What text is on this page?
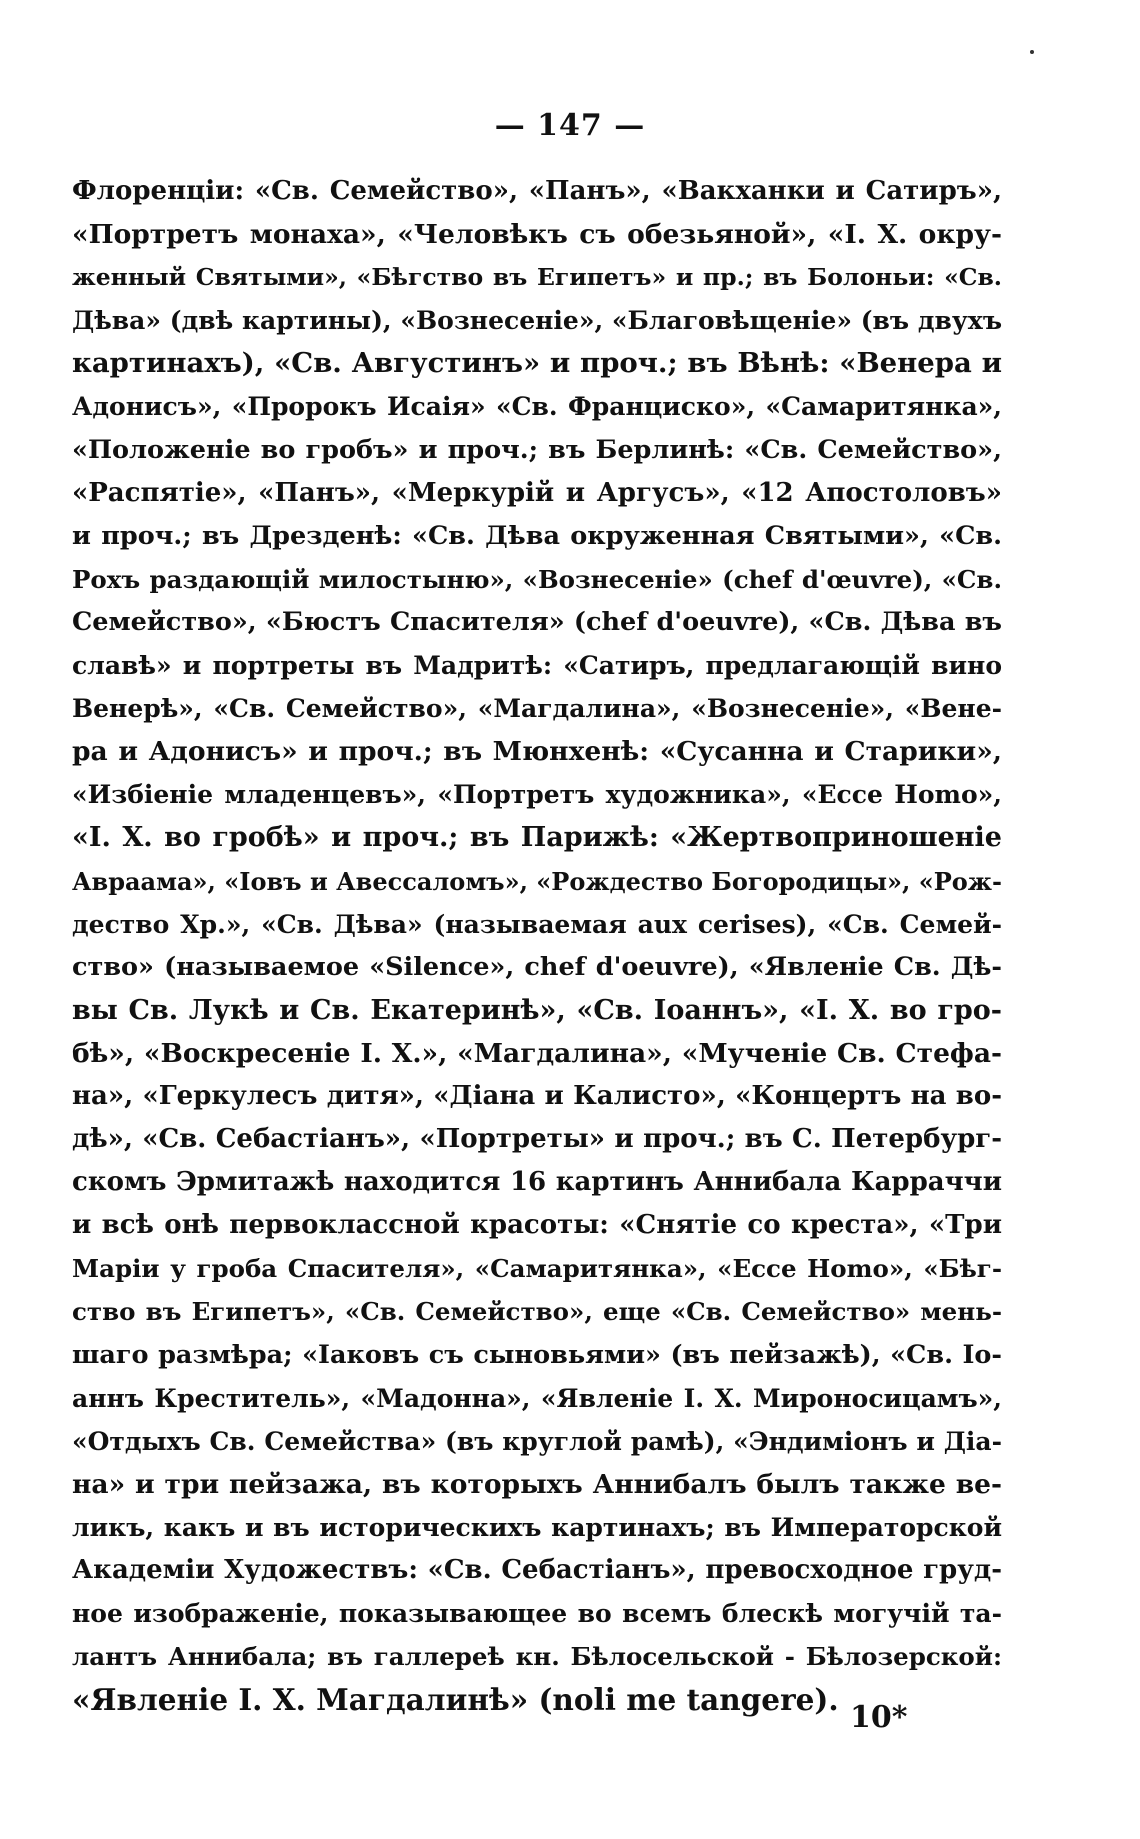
— 147 —
Флоренціи: «Св. Семейство», «Панъ», «Вакханки и Сатиръ»,
«Портретъ монаха», «Человѣкъ съ обезьяной», «I. X. окру-
женный Святыми», «Бѣгство въ Египетъ» и пр.; въ Болоньи: «Св.
Дѣва» (двѣ картины), «Вознесеніе», «Благовѣщеніе» (въ двухъ
картинахъ), «Св. Августинъ» и проч.; въ Вѣнѣ: «Венера и
Адонисъ», «Пророкъ Исаія» «Св. Франциско», «Самаритянка»,
«Положеніе во гробъ» и проч.; въ Берлинѣ: «Св. Семейство»,
«Распятіе», «Панъ», «Меркурій и Аргусъ», «12 Апостоловъ»
и проч.; въ Дрезденѣ: «Св. Дѣва окруженная Святыми», «Св.
Рохъ раздающій милостыню», «Вознесеніе» (chef d'œuvre), «Св.
Семейство», «Бюстъ Спасителя» (chef d'oeuvre), «Св. Дѣва въ
славѣ» и портреты въ Мадритѣ: «Сатиръ, предлагающій вино
Венерѣ», «Св. Семейство», «Магдалина», «Вознесеніе», «Вене-
ра и Адонисъ» и проч.; въ Мюнхенѣ: «Сусанна и Старики»,
«Избіеніе младенцевъ», «Портретъ художника», «Ecce Homo»,
«I. X. во гробѣ» и проч.; въ Парижѣ: «Жертвоприношеніе
Авраама», «Іовъ и Авессаломъ», «Рождество Богородицы», «Рож-
дество Хр.», «Св. Дѣва» (называемая aux cerises), «Св. Семей-
ство» (называемое «Silence», chef d'oeuvre), «Явленіе Св. Дѣ-
вы Св. Лукѣ и Св. Екатеринѣ», «Св. Іоаннъ», «I. X. во гро-
бѣ», «Воскресеніе I. X.», «Магдалина», «Мученіе Св. Стефа-
на», «Геркулесъ дитя», «Діана и Калисто», «Концертъ на во-
дѣ», «Св. Себастіанъ», «Портреты» и проч.; въ С. Петербург-
скомъ Эрмитажѣ находится 16 картинъ Аннибала Карраччи
и всѣ онѣ первоклассной красоты: «Снятіе со креста», «Три
Маріи у гроба Спасителя», «Самаритянка», «Ecce Homo», «Бѣг-
ство въ Египетъ», «Св. Семейство», еще «Св. Семейство» мень-
шаго размѣра; «Іаковъ съ сыновьями» (въ пейзажѣ), «Св. Іо-
аннъ Креститель», «Мадонна», «Явленіе I. X. Мироносицамъ»,
«Отдыхъ Св. Семейства» (въ круглой рамѣ), «Эндиміонъ и Діа-
на» и три пейзажа, въ которыхъ Аннибалъ былъ также ве-
ликъ, какъ и въ историческихъ картинахъ; въ Императорской
Академіи Художествъ: «Св. Себастіанъ», превосходное груд-
ное изображеніе, показывающее во всемъ блескѣ могучій та-
лантъ Аннибала; въ галлереѣ кн. Бѣлосельской - Бѣлозерской:
«Явленіе I. X. Магдалинѣ» (noli me tangere).
10*
